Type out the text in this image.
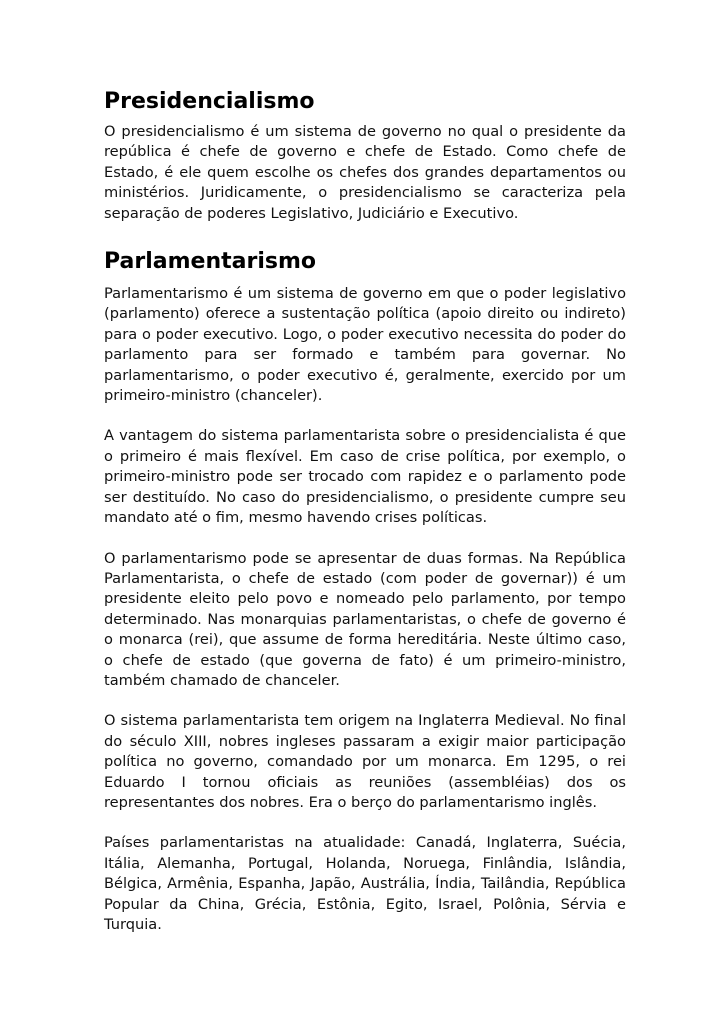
Presidencialismo

O presidencialismo é um sistema de governo no qual o presidente da república é chefe de governo e chefe de Estado. Como chefe de Estado, é ele quem escolhe os chefes dos grandes departamentos ou ministérios. Juridicamente, o presidencialismo se caracteriza pela separação de poderes Legislativo, Judiciário e Executivo.

Parlamentarismo

Parlamentarismo é um sistema de governo em que o poder legislativo (parlamento) oferece a sustentação política (apoio direito ou indireto) para o poder executivo. Logo, o poder executivo necessita do poder do parlamento para ser formado e também para governar. No parlamentarismo, o poder executivo é, geralmente, exercido por um primeiro-ministro (chanceler).

A vantagem do sistema parlamentarista sobre o presidencialista é que o primeiro é mais flexível. Em caso de crise política, por exemplo, o primeiro-ministro pode ser trocado com rapidez e o parlamento pode ser destituído. No caso do presidencialismo, o presidente cumpre seu mandato até o fim, mesmo havendo crises políticas.

O parlamentarismo pode se apresentar de duas formas. Na República Parlamentarista, o chefe de estado (com poder de governar)) é um presidente eleito pelo povo e nomeado pelo parlamento, por tempo determinado. Nas monarquias parlamentaristas, o chefe de governo é o monarca (rei), que assume de forma hereditária. Neste último caso, o chefe de estado (que governa de fato) é um primeiro-ministro, também chamado de chanceler.

O sistema parlamentarista tem origem na Inglaterra Medieval. No final do século XIII, nobres ingleses passaram a exigir maior participação política no governo, comandado por um monarca. Em 1295, o rei Eduardo I tornou oficiais as reuniões (assembléias) dos os representantes dos nobres. Era o berço do parlamentarismo inglês.

Países parlamentaristas na atualidade: Canadá, Inglaterra, Suécia, Itália, Alemanha, Portugal, Holanda, Noruega, Finlândia, Islândia, Bélgica, Armênia, Espanha, Japão, Austrália, Índia, Tailândia, República Popular da China, Grécia, Estônia, Egito, Israel, Polônia, Sérvia e Turquia.
